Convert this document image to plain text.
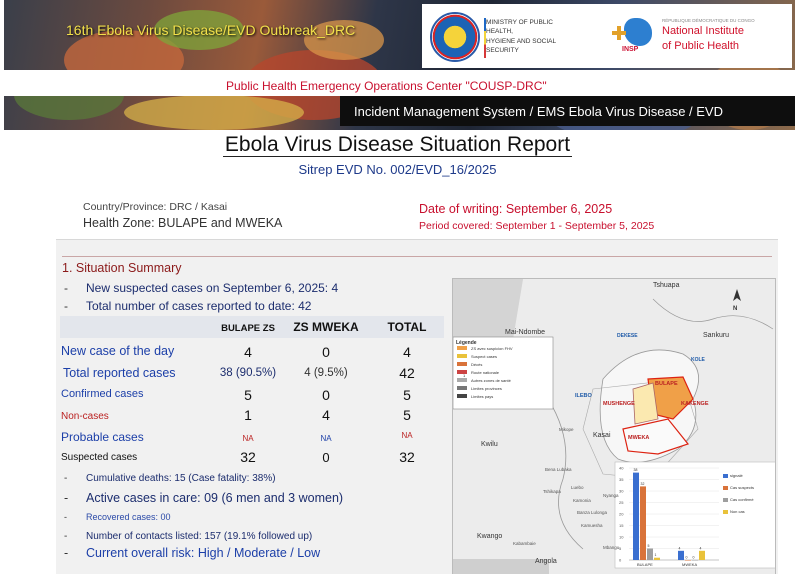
16th Ebola Virus Disease/EVD Outbreak_DRC	MINISTRY OF PUBLIC HEALTH,
HYGIENE AND SOCIAL
SECURITY	INSP
RÉPUBLIQUE DÉMOCRATIQUE DU CONGO
National Institute
of Public Health
Public Health Emergency Operations Center "COUSP-DRC"
Incident Management System / EMS Ebola Virus Disease / EVD
Ebola Virus Disease Situation Report
Sitrep EVD No. 002/EVD_16/2025
Country/Province: DRC / Kasai
Health Zone: BULAPE and MWEKA
Date of writing: September 6, 2025
Period covered: September 1 - September 5, 2025
1. Situation Summary
- New suspected cases on September 6, 2025: 4
- Total number of cases reported to date: 42
BULAPE ZS	ZS MWEKA	TOTAL
New case of the day	4	0	4
Total reported cases	38 (90.5%)	4 (9.5%)	42
Confirmed cases	5	0	5
Non-cases	1	4	5
Probable cases	NA	NA	NA
Suspected cases	32	0	32
- Cumulative deaths: 15 (Case fatality: 38%)
- Active cases in care: 09 (6 men and 3 women)
- Recovered cases: 00
- Number of contacts listed: 157 (19.1% followed up)
- Current overall risk: High / Moderate / Low	0
5
10
15
20
25
30
35
40	38
32
5
1
BULAPE
4
0 0
4
MWEKA
signalé
Cas suspects
Cas confirmé
Non cas
Tshuapa
Mai-Ndombe	DEKESE	Sankuru
KOLE
BULAPE
ILEBO
MUSHENGE	KAKENGE
MWEKA
Kasai
Kwilu
Kwango
Angola
Bena Lubaka
Kamonia
Luebo
Mikope
Tshikapa
Banza Lulonga
Kamuesha
Nyanga
Kabambaie
Mbangu
N
Légende
ZS avec suspicion FHV
Suspect cases
Décès
Route nationale
Autres zones de santé
Limites provinces
Limites pays
1
